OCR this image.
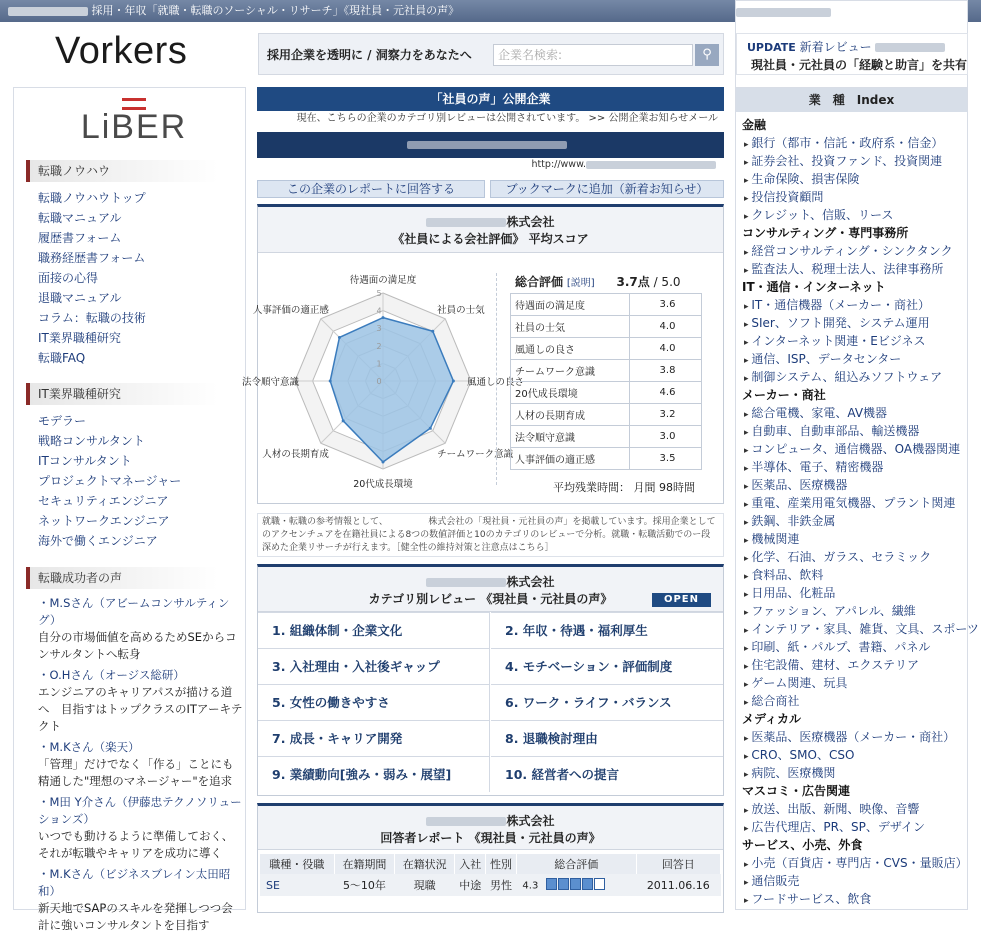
採用・年収「就職・転職のソーシャル・リサーチ」《現社員・元社員の声》	/ ログイン
Vorkers	採用企業を透明に / 洞察力をあなたへ	企業名検索:	⚲	UPDATE 新着レビュー
現社員・元社員の「経験と助言」を共有
LiBER
転職ノウハウ
転職ノウハウトップ
転職マニュアル
履歴書フォーム
職務経歴書フォーム
面接の心得
退職マニュアル
コラム：転職の技術
IT業界職種研究
転職FAQ
IT業界職種研究
モデラー
戦略コンサルタント
ITコンサルタント
プロジェクトマネージャー
セキュリティエンジニア
ネットワークエンジニア
海外で働くエンジニア
転職成功者の声
・M.Sさん（アビームコンサルティング）
自分の市場価値を高めるためSEからコンサルタントへ転身
・O.Hさん（オージス総研）
エンジニアのキャリアパスが描ける道へ　目指すはトップクラスのITアーキテクト
・M.Kさん（楽天）
「管理」だけでなく「作る」ことにも精通した"理想のマネージャー"を追求
・M田 Y介さん（伊藤忠テクノソリューションズ）
いつでも動けるように準備しておく、それが転職やキャリアを成功に導く
・M.Kさん（ビジネスブレイン太田昭和）
新天地でSAPのスキルを発揮しつつ会計に強いコンサルタントを目指す
「社員の声」公開企業
現在、こちらの企業のカテゴリ別レビューは公開されています。 >> 公開企業お知らせメール
http://www.
この企業のレポートに回答する	ブックマークに追加（新着お知らせ）
株式会社
《社員による会社評価》 平均スコア
0
1
2
3
4
5
待遇面の満足度
社員の士気
風通しの良さ
チームワーク意識
20代成長環境
人材の長期育成
法令順守意識
人事評価の適正感
総合評価 [説明] 3.7点 / 5.0
待遇面の満足度	3.6
社員の士気	4.0
風通しの良さ	4.0
チームワーク意識	3.8
20代成長環境	4.6
人材の長期育成	3.2
法令順守意識	3.0
人事評価の適正感	3.5
平均残業時間： 月間 98時間
就職・転職の参考情報として、　　　　　株式会社の「現社員・元社員の声」を掲載しています。採用企業としてのアクセンチュアを在籍社員による8つの数値評価と10のカテゴリのレビューで分析。就職・転職活動でのー段深めた企業リサーチが行えます。［健全性の維持対策と注意点はこちら］
株式会社
カテゴリ別レビュー 《現社員・元社員の声》	OPEN
1. 組織体制・企業文化	2. 年収・待遇・福利厚生
3. 入社理由・入社後ギャップ	4. モチベーション・評価制度
5. 女性の働きやすさ	6. ワーク・ライフ・バランス
7. 成長・キャリア開発	8. 退職検討理由
9. 業績動向[強み・弱み・展望]	10. 経営者への提言
株式会社
回答者レポート 《現社員・元社員の声》
職種・役職	在籍期間	在籍状況	入社	性別	総合評価	回答日
SE	5～10年	現職	中途	男性	4.3	2011.06.16
業　種　Index
金融
▸ 銀行（都市・信託・政府系・信金）
▸ 証券会社、投資ファンド、投資関連
▸ 生命保険、損害保険
▸ 投信投資顧問
▸ クレジット、信販、リース
コンサルティング・専門事務所
▸ 経営コンサルティング・シンクタンク
▸ 監査法人、税理士法人、法律事務所
IT・通信・インターネット
▸ IT・通信機器（メーカー・商社）
▸ SIer、ソフト開発、システム運用
▸ インターネット関連・Eビジネス
▸ 通信、ISP、データセンター
▸ 制御システム、組込みソフトウェア
メーカー・商社
▸ 総合電機、家電、AV機器
▸ 自動車、自動車部品、輸送機器
▸ コンピュータ、通信機器、OA機器関連
▸ 半導体、電子、精密機器
▸ 医薬品、医療機器
▸ 重電、産業用電気機器、プラント関連
▸ 鉄鋼、非鉄金属
▸ 機械関連
▸ 化学、石油、ガラス、セラミック
▸ 食料品、飲料
▸ 日用品、化粧品
▸ ファッション、アパレル、繊維
▸ インテリア・家具、雑貨、文具、スポーツ
▸ 印刷、紙・パルプ、書籍、パネル
▸ 住宅設備、建材、エクステリア
▸ ゲーム関連、玩具
▸ 総合商社
メディカル
▸ 医薬品、医療機器（メーカー・商社）
▸ CRO、SMO、CSO
▸ 病院、医療機関
マスコミ・広告関連
▸ 放送、出版、新聞、映像、音響
▸ 広告代理店、PR、SP、デザイン
サービス、小売、外食
▸ 小売（百貨店・専門店・CVS・量販店）
▸ 通信販売
▸ フードサービス、飲食
